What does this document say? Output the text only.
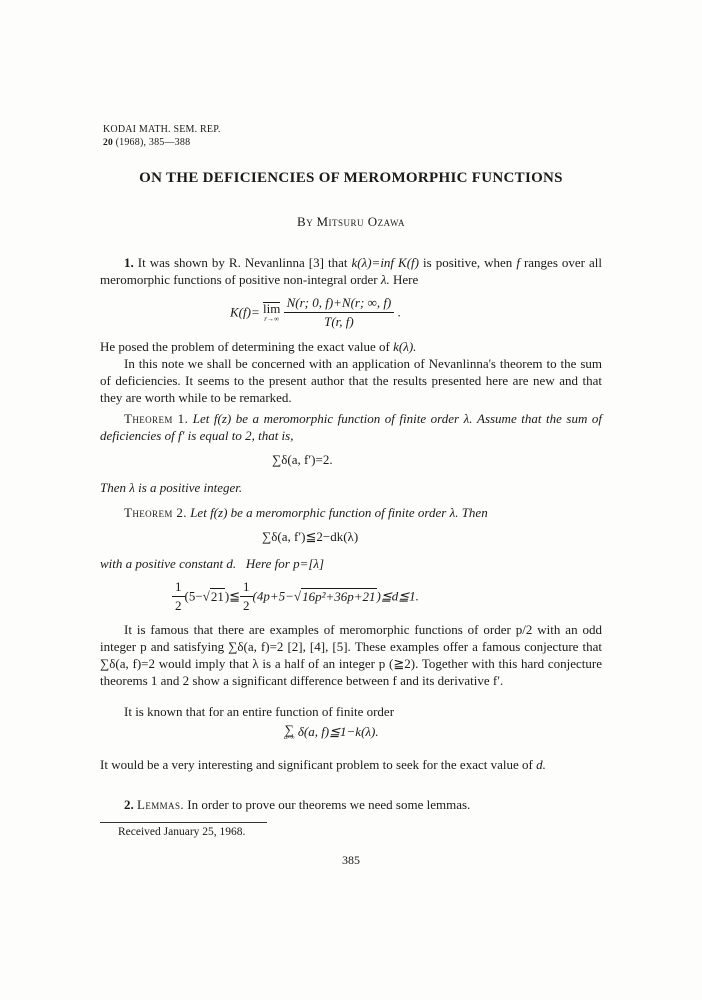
KODAI MATH. SEM. REP.
20 (1968), 385—388
ON THE DEFICIENCIES OF MEROMORPHIC FUNCTIONS
By Mitsuru Ozawa
1. It was shown by R. Nevanlinna [3] that k(λ)=inf K(f) is positive, when f ranges over all meromorphic functions of positive non-integral order λ. Here
K(f)= lim
r→∞
$\frac{N(r; 0, f)+N(r; \infty, f)}{T(r, f)}$ .
He posed the problem of determining the exact value of k(λ).
In this note we shall be concerned with an application of Nevanlinna's theorem to the sum of deficiencies. It seems to the present author that the results presented here are new and that they are worth while to be remarked.
Theorem 1. Let f(z) be a meromorphic function of finite order λ. Assume that the sum of deficiencies of f′ is equal to 2, that is,
∑δ(a, f′)=2.
Then λ is a positive integer.
Theorem 2. Let f(z) be a meromorphic function of finite order λ. Then
∑δ(a, f′)≦2−dk(λ)
with a positive constant d. Here for p=[λ]
$\frac{1}{2}$ (5−√21)≦ $\frac{1}{2}$ (4p+5−√16p²+36p+21)≦d≦1.
It is famous that there are examples of meromorphic functions of order p/2 with an odd integer p and satisfying ∑δ(a, f)=2 [2], [4], [5]. These examples offer a famous conjecture that ∑δ(a, f)=2 would imply that λ is a half of an integer p (≧2). Together with this hard conjecture theorems 1 and 2 show a significant difference between f and its derivative f′.
It is known that for an entire function of finite order
∑
a≠∞ δ(a, f)≦1−k(λ).
It would be a very interesting and significant problem to seek for the exact value of d.
2. Lemmas. In order to prove our theorems we need some lemmas.
Received January 25, 1968.
385
